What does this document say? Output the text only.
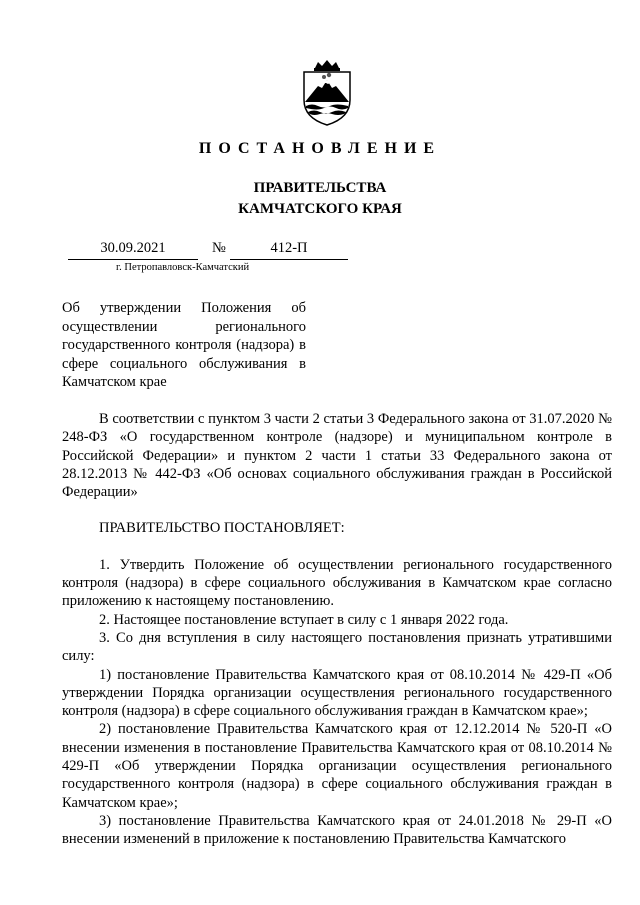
ПОСТАНОВЛЕНИЕ
ПРАВИТЕЛЬСТВА
КАМЧАТСКОГО КРАЯ
30.09.2021	№	412-П
г. Петропавловск-Камчатский
Об утверждении Положения об осуществлении регионального государственного контроля (надзора) в сфере социального обслуживания в Камчатском крае

В соответствии с пунктом 3 части 2 статьи 3 Федерального закона от 31.07.2020 № 248-ФЗ «О государственном контроле (надзоре) и муниципальном контроле в Российской Федерации» и пунктом 2 части 1 статьи 33 Федерального закона от 28.12.2013 № 442-ФЗ «Об основах социального обслуживания граждан в Российской Федерации»

ПРАВИТЕЛЬСТВО ПОСТАНОВЛЯЕТ:

1. Утвердить Положение об осуществлении регионального государственного контроля (надзора) в сфере социального обслуживания в Камчатском крае согласно приложению к настоящему постановлению.

2. Настоящее постановление вступает в силу с 1 января 2022 года.

3. Со дня вступления в силу настоящего постановления признать утратившими силу:

1) постановление Правительства Камчатского края от 08.10.2014 № 429-П «Об утверждении Порядка организации осуществления регионального государственного контроля (надзора) в сфере социального обслуживания граждан в Камчатском крае»;

2) постановление Правительства Камчатского края от 12.12.2014 № 520-П «О внесении изменения в постановление Правительства Камчатского края от 08.10.2014 № 429-П «Об утверждении Порядка организации осуществления регионального государственного контроля (надзора) в сфере социального обслуживания граждан в Камчатском крае»;

3) постановление Правительства Камчатского края от 24.01.2018 № 29-П «О внесении изменений в приложение к постановлению Правительства Камчатского
